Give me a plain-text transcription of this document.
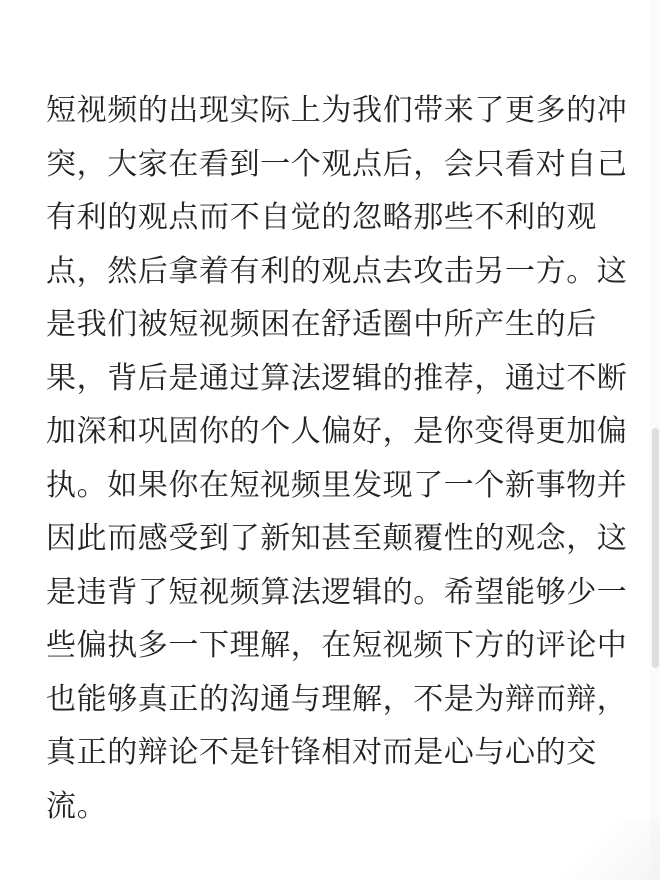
短视频的出现实际上为我们带来了更多的冲
突，大家在看到一个观点后，会只看对自己
有利的观点而不自觉的忽略那些不利的观
点，然后拿着有利的观点去攻击另一方。这
是我们被短视频困在舒适圈中所产生的后
果，背后是通过算法逻辑的推荐，通过不断
加深和巩固你的个人偏好，是你变得更加偏
执。如果你在短视频里发现了一个新事物并
因此而感受到了新知甚至颠覆性的观念，这
是违背了短视频算法逻辑的。希望能够少一
些偏执多一下理解，在短视频下方的评论中
也能够真正的沟通与理解，不是为辩而辩，
真正的辩论不是针锋相对而是心与心的交
流。
